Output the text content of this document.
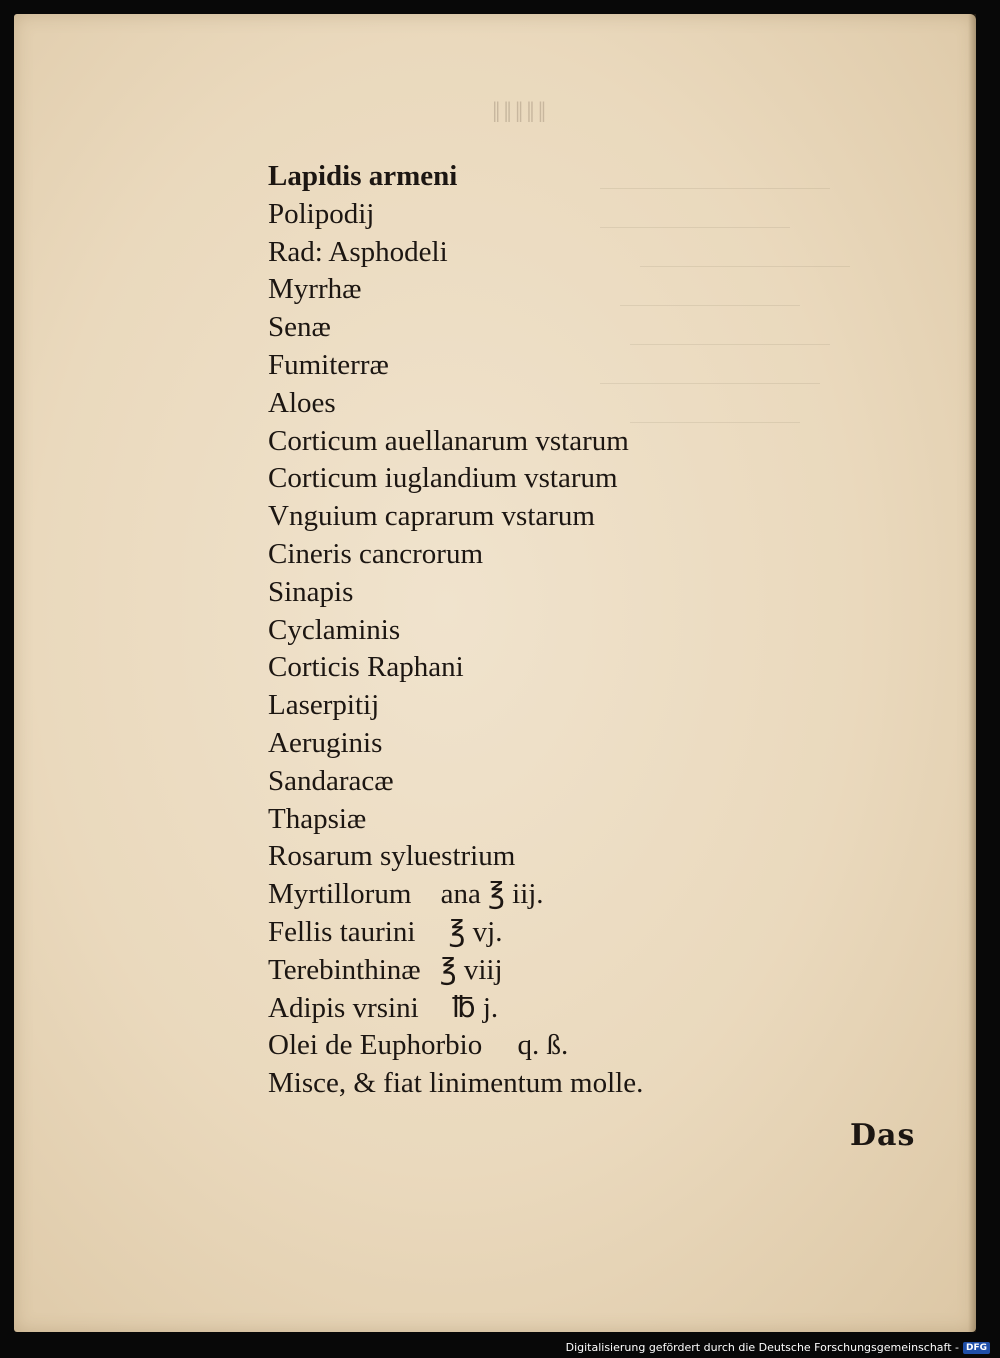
‖‖‖‖‖
Lapidis armeni
Polipodij
Rad: Asphodeli
Myrrhæ
Senæ
Fumiterræ
Aloes
Corticum auellanarum vstarum
Corticum iuglandium vstarum
Vnguium caprarum vstarum
Cineris cancrorum
Sinapis
Cyclaminis
Corticis Raphani
Laserpitij
Aeruginis
Sandaracæ
Thapsiæ
Rosarum syluestrium
Myrtillorum ana ℥ iij.
Fellis taurini ℥ vj.
Terebinthinæ ℥ viij
Adipis vrsini ℔ j.
Olei de Euphorbio q. ß.
Misce, & fiat linimentum molle.
Das
Digitalisierung gefördert durch die Deutsche Forschungsgemeinschaft - DFG
